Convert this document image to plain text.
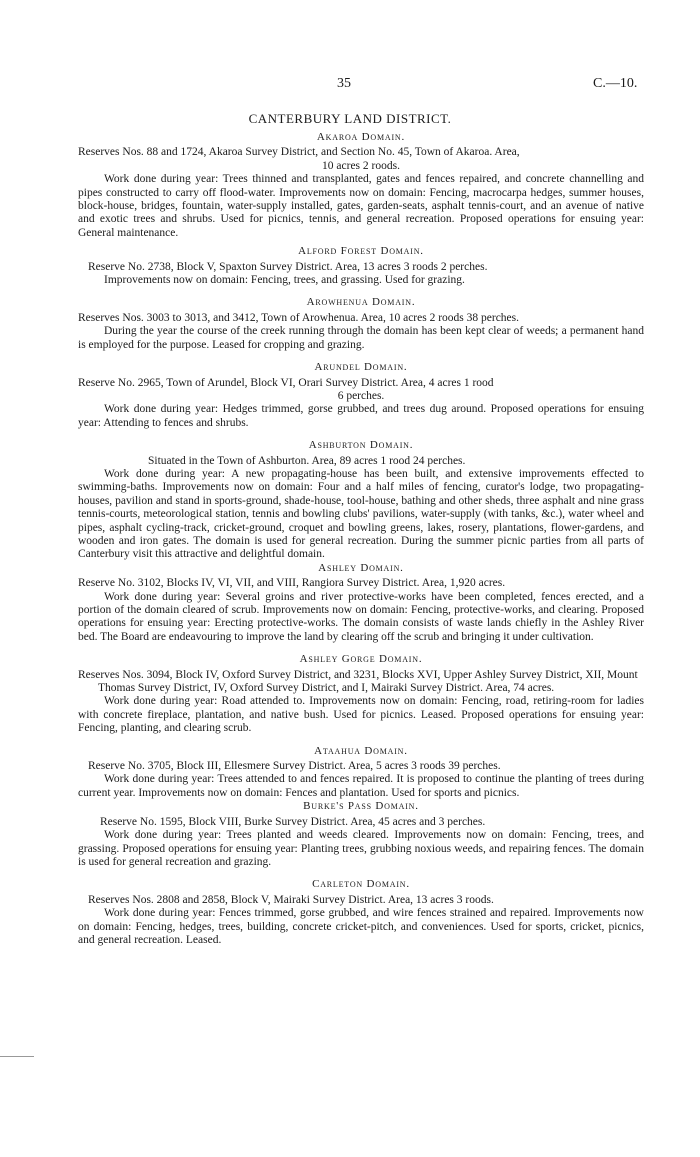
35	C.—10.
CANTERBURY LAND DISTRICT.
Akaroa Domain.
Reserves Nos. 88 and 1724, Akaroa Survey District, and Section No. 45, Town of Akaroa. Area,
10 acres 2 roods.
Work done during year: Trees thinned and transplanted, gates and fences repaired, and concrete channelling and pipes constructed to carry off flood-water. Improvements now on domain: Fencing, macrocarpa hedges, summer houses, block-house, bridges, fountain, water-supply installed, gates, garden-seats, asphalt tennis-court, and an avenue of native and exotic trees and shrubs. Used for picnics, tennis, and general recreation. Proposed operations for ensuing year: General maintenance.
Alford Forest Domain.
Reserve No. 2738, Block V, Spaxton Survey District. Area, 13 acres 3 roods 2 perches.
Improvements now on domain: Fencing, trees, and grassing. Used for grazing.
Arowhenua Domain.
Reserves Nos. 3003 to 3013, and 3412, Town of Arowhenua. Area, 10 acres 2 roods 38 perches.
During the year the course of the creek running through the domain has been kept clear of weeds; a permanent hand is employed for the purpose. Leased for cropping and grazing.
Arundel Domain.
Reserve No. 2965, Town of Arundel, Block VI, Orari Survey District. Area, 4 acres 1 rood
6 perches.
Work done during year: Hedges trimmed, gorse grubbed, and trees dug around. Proposed operations for ensuing year: Attending to fences and shrubs.
Ashburton Domain.
Situated in the Town of Ashburton. Area, 89 acres 1 rood 24 perches.
Work done during year: A new propagating-house has been built, and extensive improvements effected to swimming-baths. Improvements now on domain: Four and a half miles of fencing, curator's lodge, two propagating-houses, pavilion and stand in sports-ground, shade-house, tool-house, bathing and other sheds, three asphalt and nine grass tennis-courts, meteorological station, tennis and bowling clubs' pavilions, water-supply (with tanks, &c.), water wheel and pipes, asphalt cycling-track, cricket-ground, croquet and bowling greens, lakes, rosery, plantations, flower-gardens, and wooden and iron gates. The domain is used for general recreation. During the summer picnic parties from all parts of Canterbury visit this attractive and delightful domain.
Ashley Domain.
Reserve No. 3102, Blocks IV, VI, VII, and VIII, Rangiora Survey District. Area, 1,920 acres.
Work done during year: Several groins and river protective-works have been completed, fences erected, and a portion of the domain cleared of scrub. Improvements now on domain: Fencing, protective-works, and clearing. Proposed operations for ensuing year: Erecting protective-works. The domain consists of waste lands chiefly in the Ashley River bed. The Board are endeavouring to improve the land by clearing off the scrub and bringing it under cultivation.
Ashley Gorge Domain.
Reserves Nos. 3094, Block IV, Oxford Survey District, and 3231, Blocks XVI, Upper Ashley Survey District, XII, Mount Thomas Survey District, IV, Oxford Survey District, and I, Mairaki Survey District. Area, 74 acres.
Work done during year: Road attended to. Improvements now on domain: Fencing, road, retiring-room for ladies with concrete fireplace, plantation, and native bush. Used for picnics. Leased. Proposed operations for ensuing year: Fencing, planting, and clearing scrub.
Ataahua Domain.
Reserve No. 3705, Block III, Ellesmere Survey District. Area, 5 acres 3 roods 39 perches.
Work done during year: Trees attended to and fences repaired. It is proposed to continue the planting of trees during current year. Improvements now on domain: Fences and plantation. Used for sports and picnics.
Burke's Pass Domain.
Reserve No. 1595, Block VIII, Burke Survey District. Area, 45 acres and 3 perches.
Work done during year: Trees planted and weeds cleared. Improvements now on domain: Fencing, trees, and grassing. Proposed operations for ensuing year: Planting trees, grubbing noxious weeds, and repairing fences. The domain is used for general recreation and grazing.
Carleton Domain.
Reserves Nos. 2808 and 2858, Block V, Mairaki Survey District. Area, 13 acres 3 roods.
Work done during year: Fences trimmed, gorse grubbed, and wire fences strained and repaired. Improvements now on domain: Fencing, hedges, trees, building, concrete cricket-pitch, and conveniences. Used for sports, cricket, picnics, and general recreation. Leased.
